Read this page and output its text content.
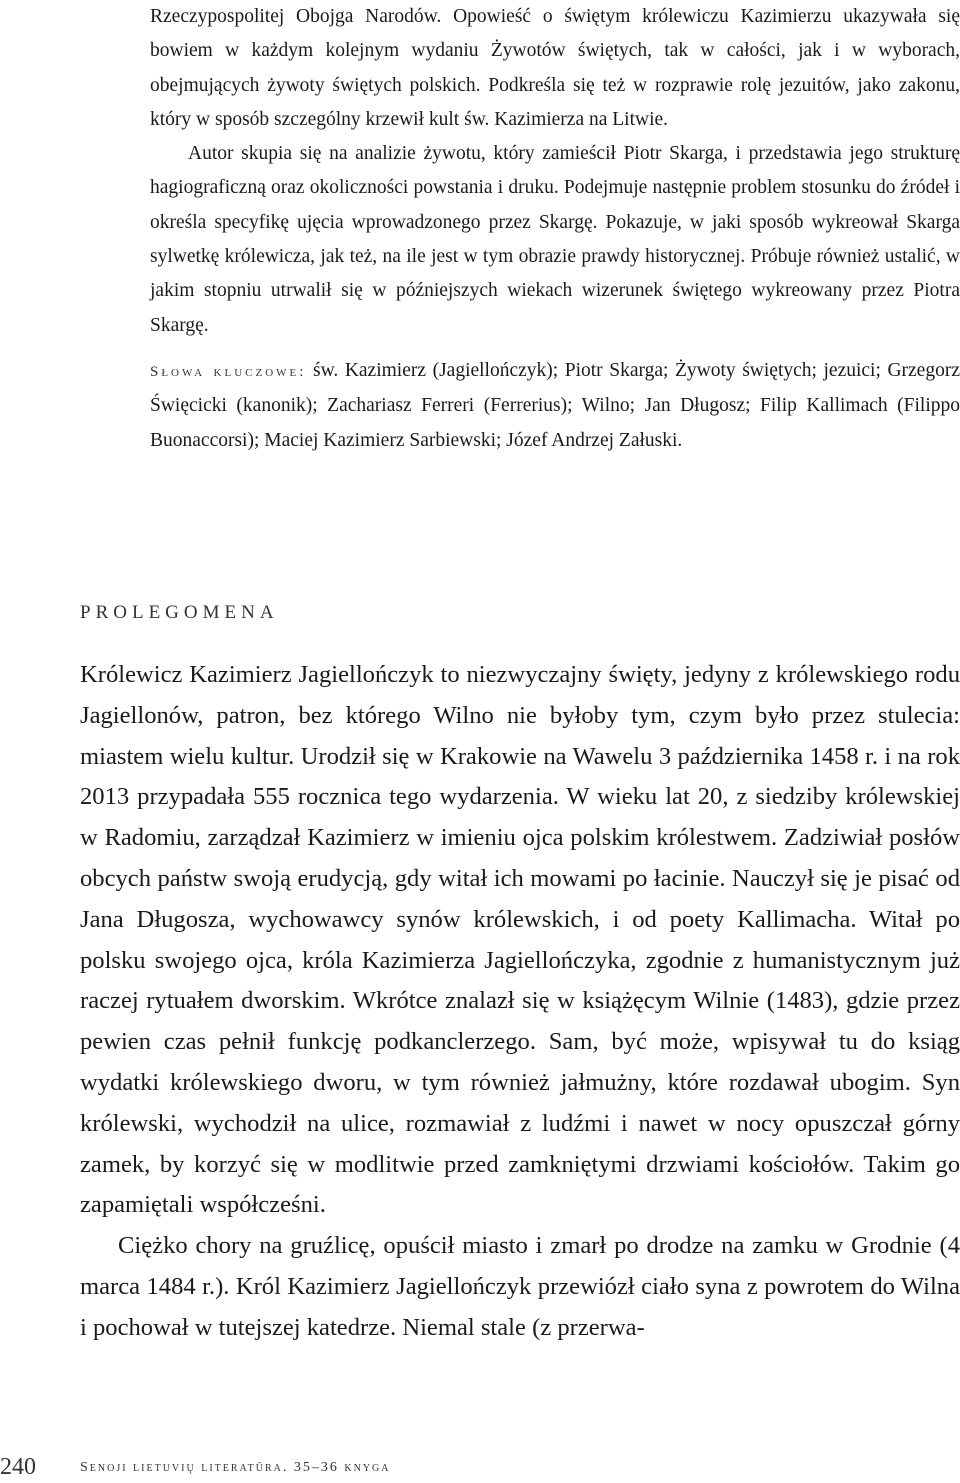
Rzeczypospolitej Obojga Narodów. Opowieść o świętym królewiczu Kazimierzu ukazywała się bowiem w każdym kolejnym wydaniu Żywotów świętych, tak w całości, jak i w wyborach, obejmujących żywoty świętych polskich. Podkreśla się też w rozprawie rolę jezuitów, jako zakonu, który w sposób szczególny krzewił kult św. Kazimierza na Litwie.

Autor skupia się na analizie żywotu, który zamieścił Piotr Skarga, i przedstawia jego strukturę hagiograficzną oraz okoliczności powstania i druku. Podejmuje następnie problem stosunku do źródeł i określa specyfikę ujęcia wprowadzonego przez Skargę. Pokazuje, w jaki sposób wykreował Skarga sylwetkę królewicza, jak też, na ile jest w tym obrazie prawdy historycznej. Próbuje również ustalić, w jakim stopniu utrwalił się w późniejszych wiekach wizerunek świętego wykreowany przez Piotra Skargę.

Słowa kluczowe: św. Kazimierz (Jagiellończyk); Piotr Skarga; Żywoty świętych; jezuici; Grzegorz Święcicki (kanonik); Zachariasz Ferreri (Ferrerius); Wilno; Jan Długosz; Filip Kallimach (Filippo Buonaccorsi); Maciej Kazimierz Sarbiewski; Józef Andrzej Załuski.

PROLEGOMENA

Królewicz Kazimierz Jagiellończyk to niezwyczajny święty, jedyny z królewskiego rodu Jagiellonów, patron, bez którego Wilno nie byłoby tym, czym było przez stulecia: miastem wielu kultur. Urodził się w Krakowie na Wawelu 3 października 1458 r. i na rok 2013 przypadała 555 rocznica tego wydarzenia. W wieku lat 20, z siedziby królewskiej w Radomiu, zarządzał Kazimierz w imieniu ojca polskim królestwem. Zadziwiał posłów obcych państw swoją erudycją, gdy witał ich mowami po łacinie. Nauczył się je pisać od Jana Długosza, wychowawcy synów królewskich, i od poety Kallimacha. Witał po polsku swojego ojca, króla Kazimierza Jagiellończyka, zgodnie z humanistycznym już raczej rytuałem dworskim. Wkrótce znalazł się w książęcym Wilnie (1483), gdzie przez pewien czas pełnił funkcję podkanclerzego. Sam, być może, wpisywał tu do ksiąg wydatki królewskiego dworu, w tym również jałmużny, które rozdawał ubogim. Syn królewski, wychodził na ulice, rozmawiał z ludźmi i nawet w nocy opuszczał górny zamek, by korzyć się w modlitwie przed zamkniętymi drzwiami kościołów. Takim go zapamiętali współcześni.

Ciężko chory na gruźlicę, opuścił miasto i zmarł po drodze na zamku w Grodnie (4 marca 1484 r.). Król Kazimierz Jagiellończyk przewiózł ciało syna z powrotem do Wilna i pochował w tutejszej katedrze. Niemal stale (z przerwa-

240	Senoji lietuvių literatūra. 35–36 knyga
